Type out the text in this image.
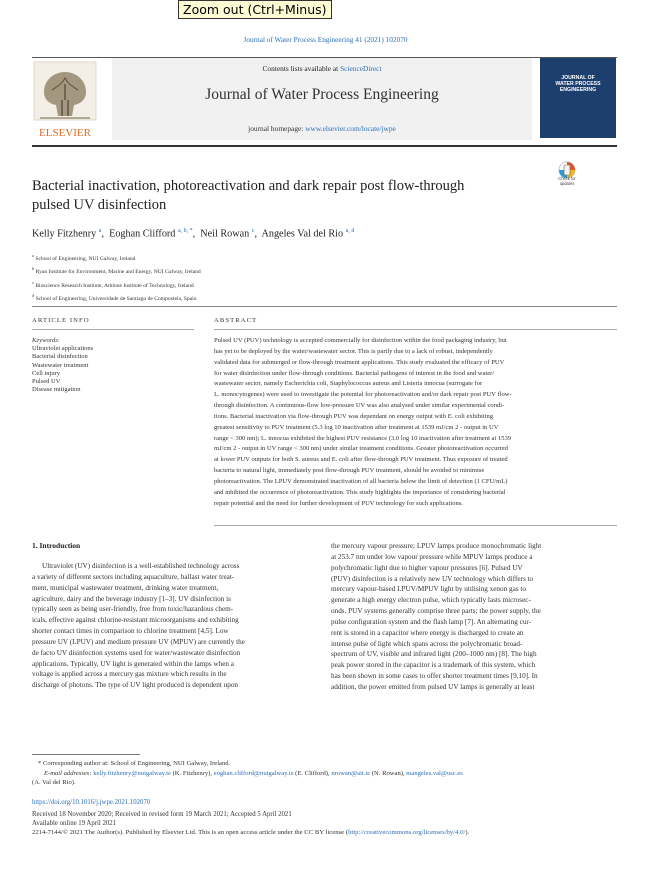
Zoom out (Ctrl+Minus)
Journal of Water Process Engineering 41 (2021) 102070
ELSEVIER
Contents lists available at ScienceDirect
Journal of Water Process Engineering
journal homepage: www.elsevier.com/locate/jwpe
JOURNAL OF
WATER PROCESS
ENGINEERING
Bacterial inactivation, photoreactivation and dark repair post flow-through
pulsed UV disinfection
Check for
updates
Kelly Fitzhenry $^a$,  Eoghan Clifford $^{a, b, *}$,  Neil Rowan $^c$,  Angeles Val del Rio $^{a, d}$
$^a$ School of Engineering, NUI Galway, Ireland
$^b$ Ryan Institute for Environment, Marine and Energy, NUI Galway, Ireland
$^c$ Bioscience Research Institute, Athlone Institute of Technology, Ireland
$^d$ School of Engineering, Universidade de Santiago de Compostela, Spain
ARTICLE INFO
Keywords:
Ultraviolet applications
Bacterial disinfection
Wastewater treatment
Cell injury
Pulsed UV
Disease mitigation
ABSTRACT
Pulsed UV (PUV) technology is accepted commercially for disinfection within the food packaging industry, but
has yet to be deployed by the water/wastewater sector. This is partly due to a lack of robust, independently
validated data for submerged or flow-through treatment applications. This study evaluated the efficacy of PUV
for water disinfection under flow-through conditions. Bacterial pathogens of interest in the food and water/
wastewater sector, namely Escherichia coli, Staphylococcus aureus and Listeria innocua (surrogate for
L. monocytogenes) were used to investigate the potential for photoreactivation and/or dark repair post PUV flow-
through disinfection. A continuous-flow low-pressure UV was also analysed under similar experimental condi-
tions. Bacterial inactivation via flow-through PUV was dependant on energy output with E. coli exhibiting
greatest sensitivity to PUV treatment (5.3 log 10 inactivation after treatment at 1539 mJ/cm 2 - output in UV
range < 300 nm); L. innocua exhibited the highest PUV resistance (3.0 log 10 inactivation after treatment at 1539
mJ/cm 2 - output in UV range < 300 nm) under similar treatment conditions. Greater photoreactivation occurred
at lower PUV outputs for both S. aureus and E. coli after flow-through PUV treatment. Thus exposure of treated
bacteria to natural light, immediately post flow-through PUV treatment, should be avoided to minimise
photoreactivation. The LPUV demonstrated inactivation of all bacteria below the limit of detection (1 CFU/mL)
and inhibited the occurrence of photoreactivation. This study highlights the importance of considering bacterial
repair potential and the need for further development of PUV technology for such applications.
1. Introduction
Ultraviolet (UV) disinfection is a well-established technology across
a variety of different sectors including aquaculture, ballast water treat-
ment, municipal wastewater treatment, drinking water treatment,
agriculture, dairy and the beverage industry [1–3]. UV disinfection is
typically seen as being user-friendly, free from toxic/hazardous chem-
icals, effective against chlorine-resistant microorganisms and exhibiting
shorter contact times in comparison to chlorine treatment [4,5]. Low
pressure UV (LPUV) and medium pressure UV (MPUV) are currently the
de facto UV disinfection systems used for water/wastewater disinfection
applications. Typically, UV light is generated within the lamps when a
voltage is applied across a mercury gas mixture which results in the
discharge of photons. The type of UV light produced is dependent upon
the mercury vapour pressure; LPUV lamps produce monochromatic light
at 253.7 nm under low vapour pressure while MPUV lamps produce a
polychromatic light due to higher vapour pressures [6]. Pulsed UV
(PUV) disinfection is a relatively new UV technology which differs to
mercury vapour-based LPUV/MPUV light by utilising xenon gas to
generate a high energy electron pulse, which typically lasts microsec-
onds. PUV systems generally comprise three parts; the power supply, the
pulse configuration system and the flash lamp [7]. An alternating cur-
rent is stored in a capacitor where energy is discharged to create an
intense pulse of light which spans across the polychromatic broad-
spectrum of UV, visible and infrared light (200–1000 nm) [8]. The high
peak power stored in the capacitor is a trademark of this system, which
has been shown in some cases to offer shorter treatment times [9,10]. In
addition, the power emitted from pulsed UV lamps is generally at least
* Corresponding author at: School of Engineering, NUI Galway, Ireland.
E-mail addresses: kelly.fitzhenry@nuigalway.ie (K. Fitzhenry), eoghan.clifford@nuigalway.ie (E. Clifford), nrowan@ait.ie (N. Rowan), mangeles.val@usc.es
(A. Val del Rio).
https://doi.org/10.1016/j.jwpe.2021.102070
Received 18 November 2020; Received in revised form 19 March 2021; Accepted 5 April 2021
Available online 19 April 2021
2214-7144/© 2021 The Author(s). Published by Elsevier Ltd. This is an open access article under the CC BY license (http://creativecommons.org/licenses/by/4.0/).
